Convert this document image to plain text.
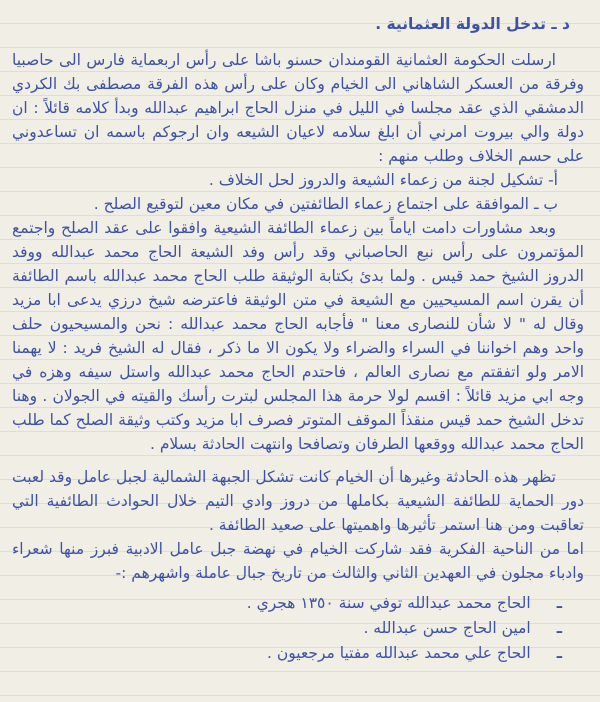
د ـ تدخل الدولة العثمانية .

ارسلت الحكومة العثمانية القومندان حسنو باشا على رأس اربعماية فارس الى حاصبيا وفرقة من العسكر الشاهاني الى الخيام وكان على رأس هذه الفرقة مصطفى بك الكردي الدمشقي الذي عقد مجلسا في الليل في منزل الحاج ابراهيم عبدالله وبدأ كلامه قائلاً : ان دولة والي بيروت امرني أن ابلغ سلامه لاعيان الشيعه وان ارجوكم باسمه ان تساعدوني على حسم الخلاف وطلب منهم :

أ- تشكيل لجنة من زعماء الشيعة والدروز لحل الخلاف .

ب ـ الموافقة على اجتماع زعماء الطائفتين في مكان معين لتوقيع الصلح .

وبعد مشاورات دامت اياماً بين زعماء الطائفة الشيعية وافقوا على عقد الصلح واجتمع المؤتمرون على رأس نبع الحاصباني وقد رأس وفد الشيعة الحاج محمد عبدالله ووفد الدروز الشيخ حمد قيس . ولما بدئ بكتابة الوثيقة طلب الحاج محمد عبدالله باسم الطائفة أن يقرن اسم المسيحيين مع الشيعة في متن الوثيقة فاعترضه شيخ درزي يدعى ابا مزيد وقال له " لا شأن للنصارى معنا " فأجابه الحاج محمد عبدالله : نحن والمسيحيون حلف واحد وهم اخواننا في السراء والضراء ولا يكون الا ما ذكر ، فقال له الشيخ فريد : لا يهمنا الامر ولو اتفقتم مع نصارى العالم ، فاحتدم الحاج محمد عبدالله واستل سيفه وهزه في وجه ابي مزيد قائلاً : اقسم لولا حرمة هذا المجلس لبترت رأسك والقيته في الجولان . وهنا تدخل الشيخ حمد قيس منقذاً الموقف المتوتر فصرف ابا مزيد وكتب وثيقة الصلح كما طلب الحاج محمد عبدالله ووقعها الطرفان وتصافحا وانتهت الحادثة بسلام .

تظهر هذه الحادثة وغيرها أن الخيام كانت تشكل الجبهة الشمالية لجبل عامل وقد لعبت دور الحماية للطائفة الشيعية بكاملها من دروز وادي التيم خلال الحوادث الطائفية التي تعاقبت ومن هنا استمر تأثيرها واهميتها على صعيد الطائفة .

اما من الناحية الفكرية فقد شاركت الخيام في نهضة جبل عامل الادبية فبرز منها شعراء وادباء مجلون في العهدين الثاني والثالث من تاريخ جبال عاملة واشهرهم :-

ـ
الحاج محمد عبدالله توفي سنة ١٣٥٠ هجري .
ـ
امين الحاج حسن عبدالله .
ـ
الحاج علي محمد عبدالله مفتيا مرجعيون .
